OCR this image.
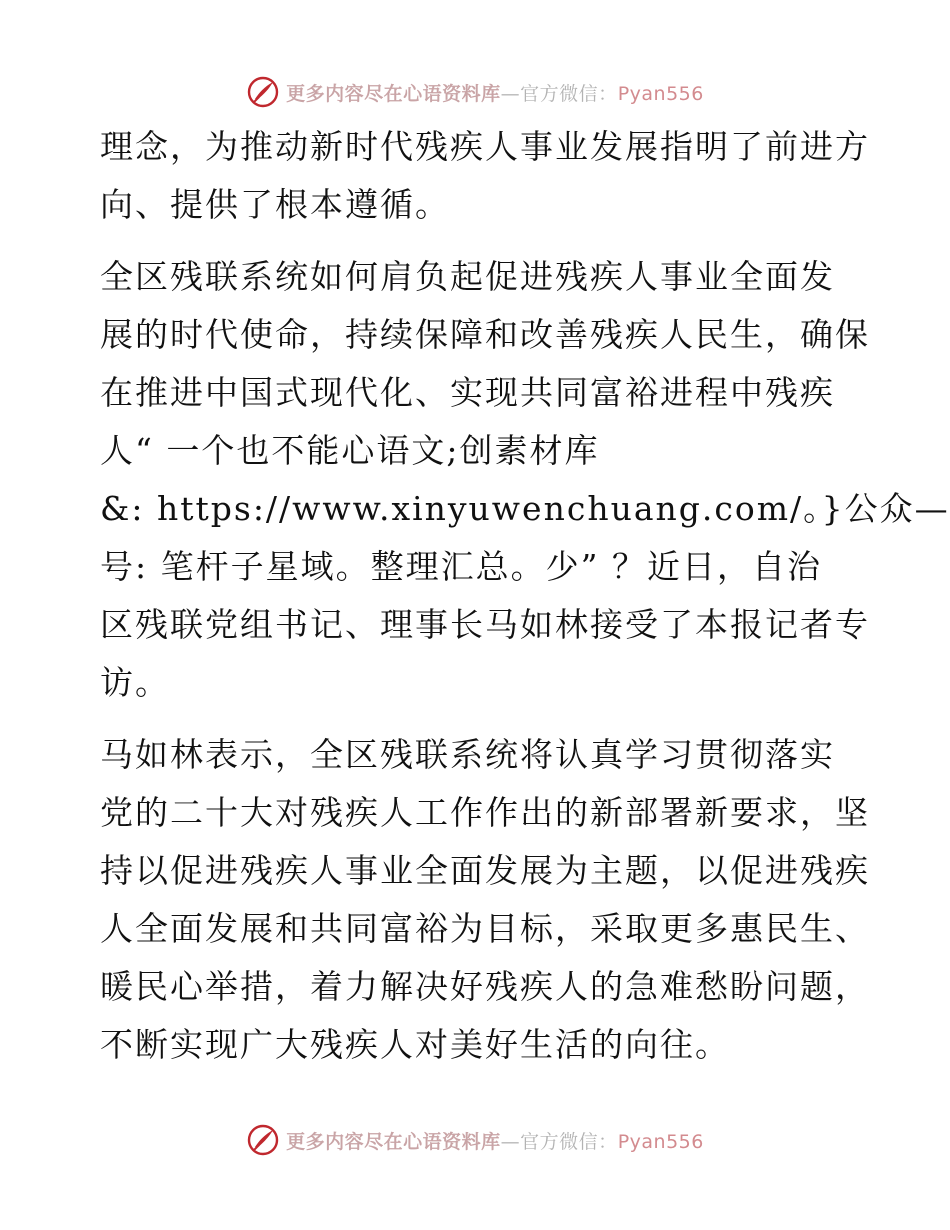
更多内容尽在心语资料库—官方微信：Pyan556

理念，为推动新时代残疾人事业发展指明了前进方
向、提供了根本遵循。

全区残联系统如何肩负起促进残疾人事业全面发
展的时代使命，持续保障和改善残疾人民生，确保
在推进中国式现代化、实现共同富裕进程中残疾
人“ 一个也不能心语文;创素材库
&: https://www.xinyuwenchuang.com/。}公众—
号: 笔杆子星域。整理汇总。少” ？近日，自治
区残联党组书记、理事长马如林接受了本报记者专
访。

马如林表示，全区残联系统将认真学习贯彻落实
党的二十大对残疾人工作作出的新部署新要求，坚
持以促进残疾人事业全面发展为主题，以促进残疾
人全面发展和共同富裕为目标，采取更多惠民生、
暖民心举措，着力解决好残疾人的急难愁盼问题，
不断实现广大残疾人对美好生活的向往。

更多内容尽在心语资料库—官方微信：Pyan556
